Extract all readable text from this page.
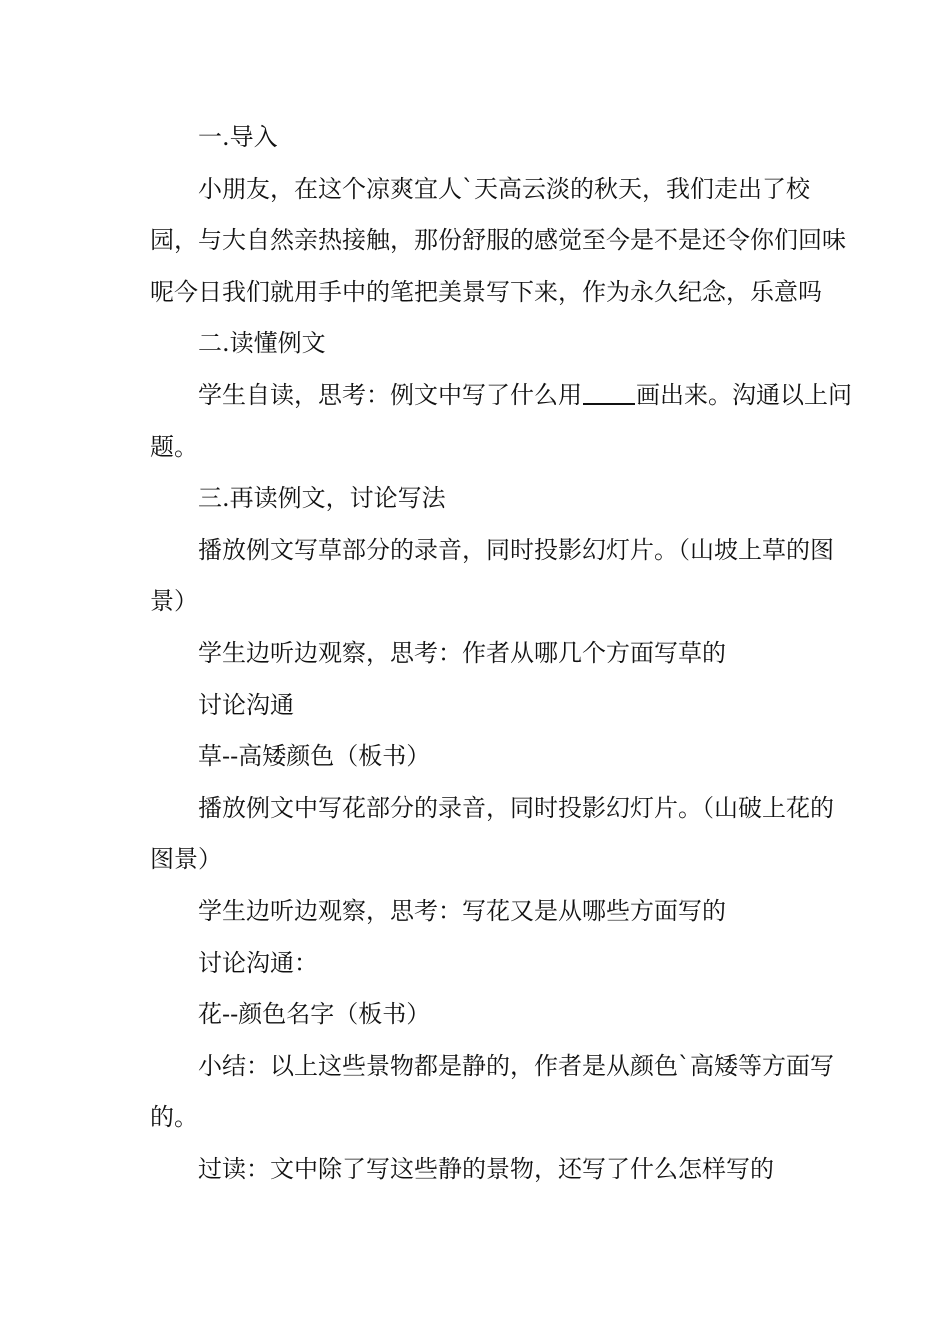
一.导入

小朋友，在这个凉爽宜人`天高云淡的秋天，我们走出了校
园，与大自然亲热接触，那份舒服的感觉至今是不是还令你们回味
呢今日我们就用手中的笔把美景写下来，作为永久纪念，乐意吗

二.读懂例文

学生自读，思考：例文中写了什么用 画出来。沟通以上问
题。

三.再读例文，讨论写法

播放例文写草部分的录音，同时投影幻灯片。（山坡上草的图
景）

学生边听边观察，思考：作者从哪几个方面写草的

讨论沟通

草--高矮颜色（板书）

播放例文中写花部分的录音，同时投影幻灯片。（山破上花的
图景）

学生边听边观察，思考：写花又是从哪些方面写的

讨论沟通：

花--颜色名字（板书）

小结：以上这些景物都是静的，作者是从颜色`高矮等方面写
的。

过读：文中除了写这些静的景物，还写了什么怎样写的
